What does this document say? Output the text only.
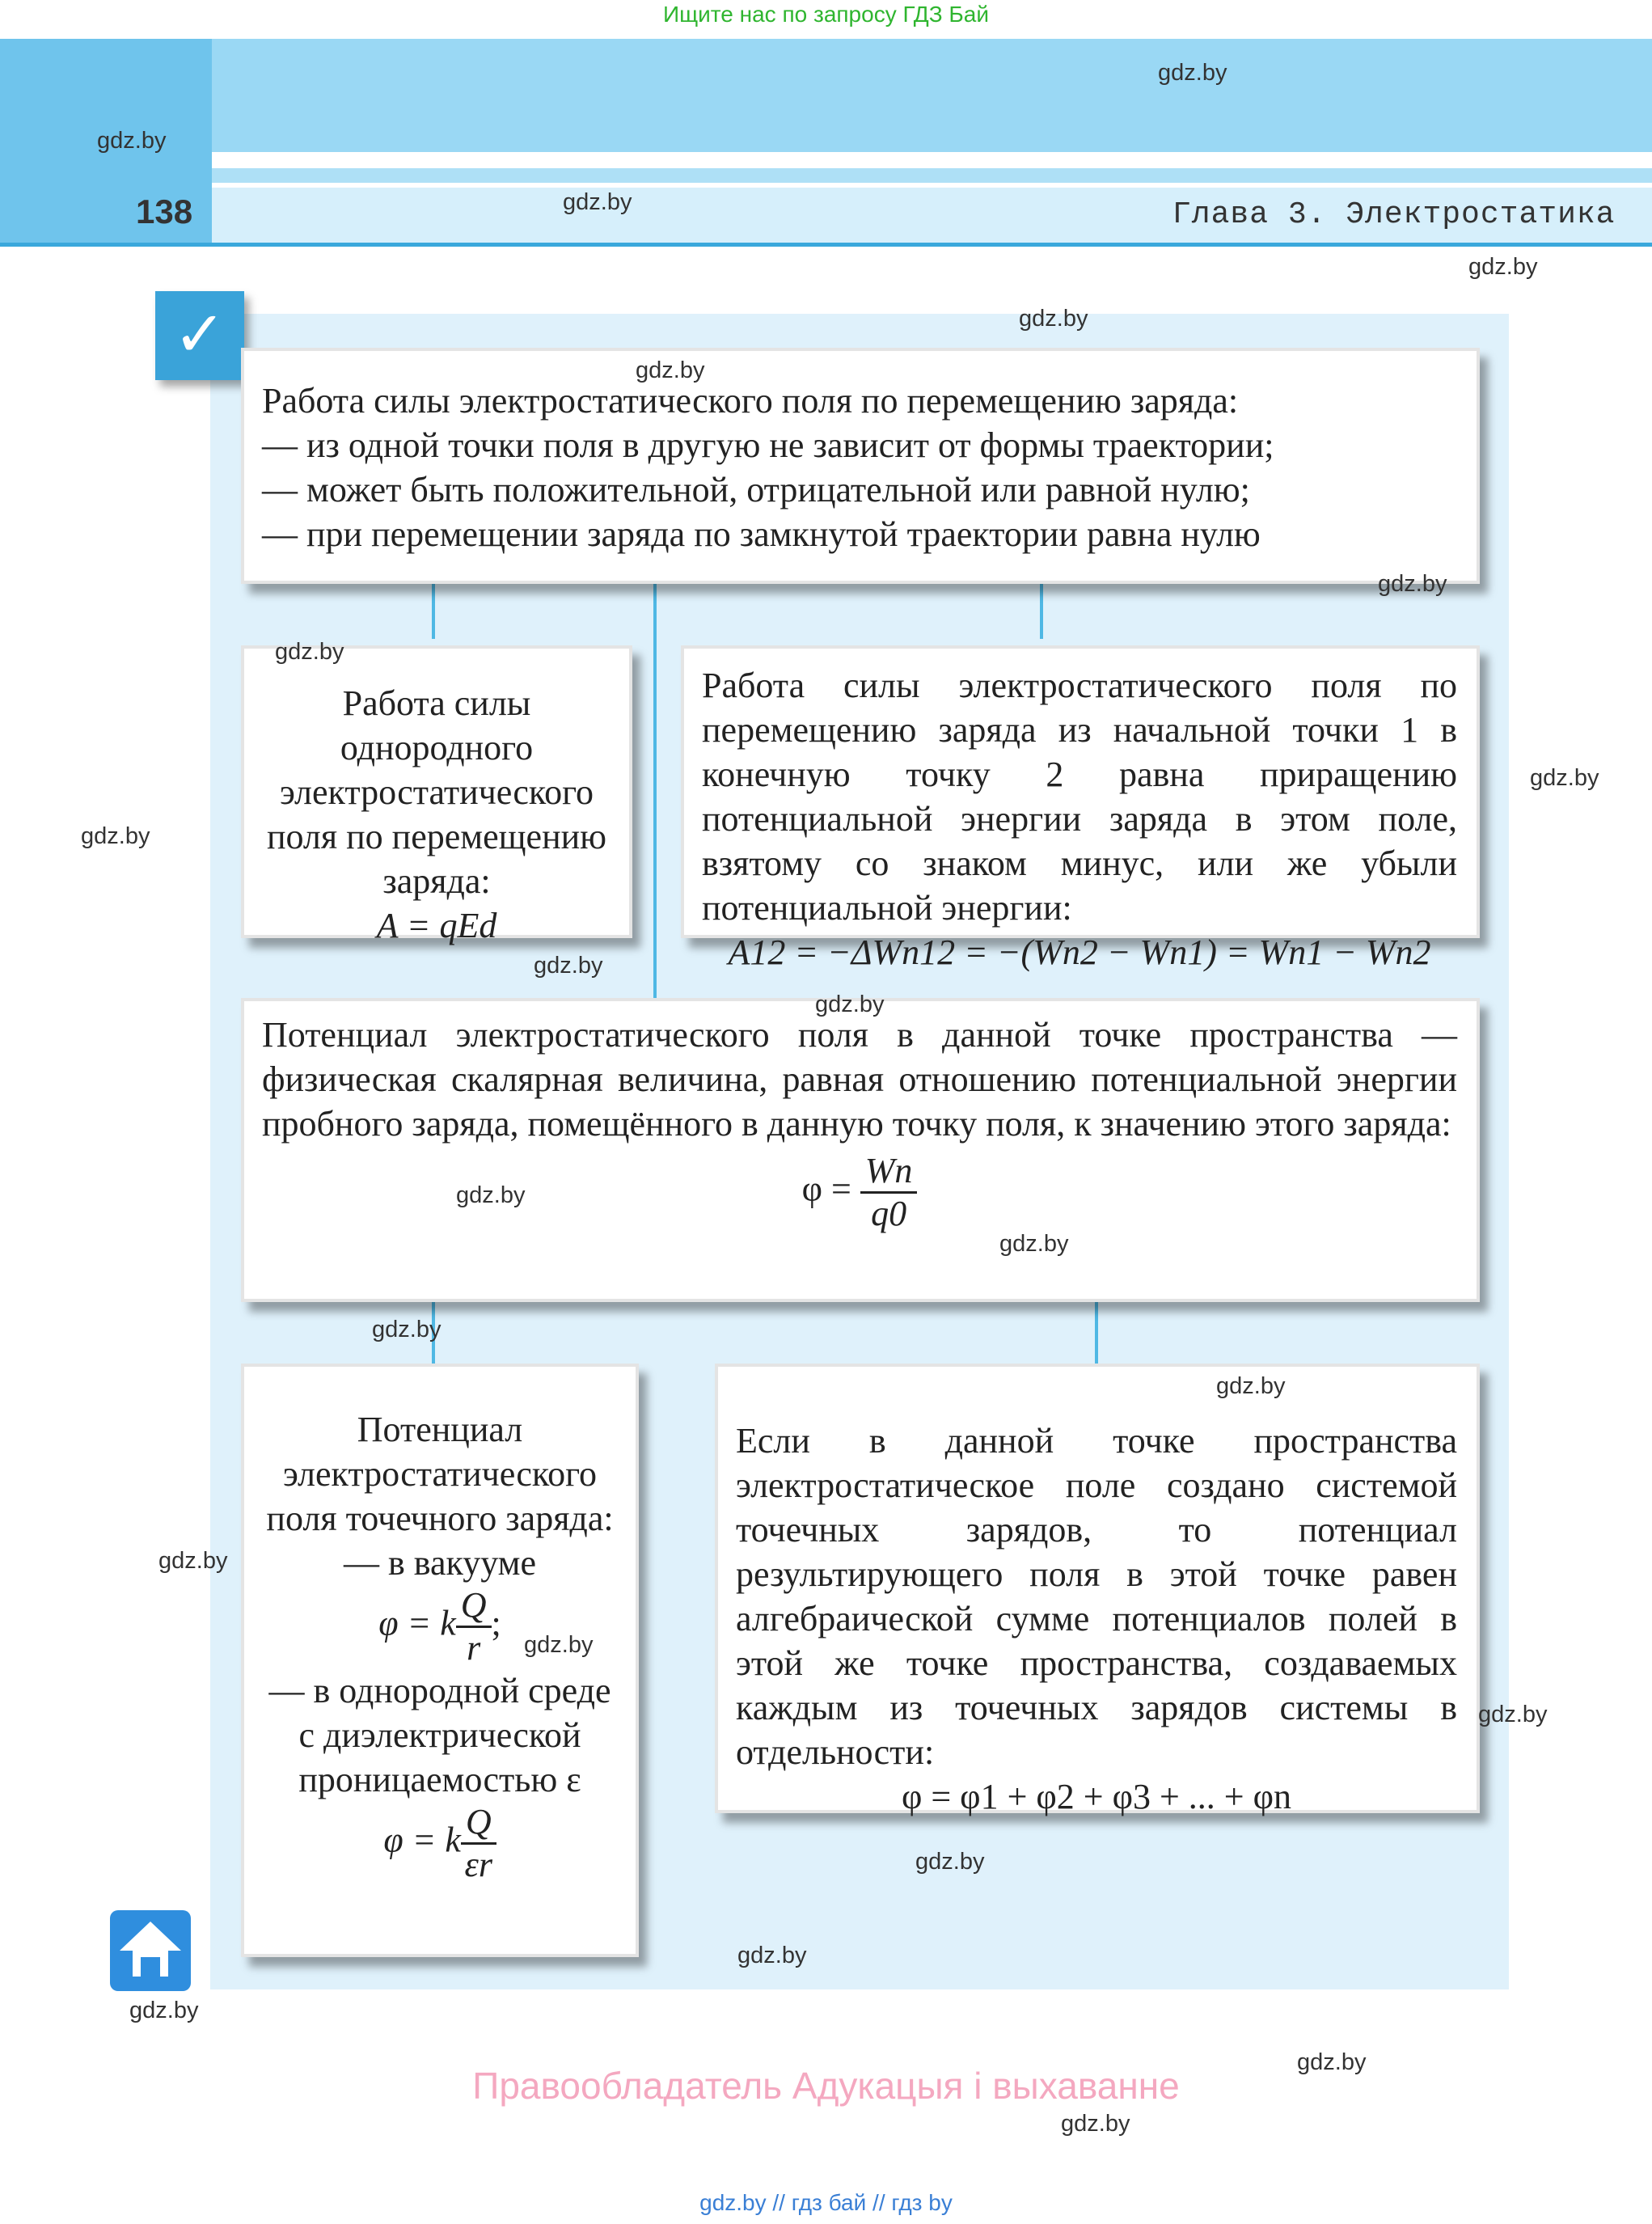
Ищите нас по запросу ГДЗ Бай
138	Глава 3. Электростатика
✓
Работа силы электростатического поля по перемещению заряда:
— из одной точки поля в другую не зависит от формы траектории;
— может быть положительной, отрицательной или равной нулю;
— при перемещении заряда по замкнутой траектории равна нулю
Работа силы однородного электростатического поля по перемещению заряда:
A = qEd
Работа силы электростатического поля по перемещению заряда из начальной точки 1 в конечную точку 2 равна приращению потенциальной энергии заряда в этом поле, взятому со знаком минус, или же убыли потенциальной энергии:
A12 = −ΔWп12 = −(Wп2 − Wп1) = Wп1 − Wп2
Потенциал электростатического поля в данной точке пространства — физическая скалярная величина, равная отношению потенциальной энергии пробного заряда, помещённого в данную точку поля, к значению этого заряда:
$\varphi = \frac{Wп}{q0}$
Потенциал электростатического поля точечного заряда:
— в вакууме
φ = k $\frac{Q}{r}$ ;
— в однородной среде с диэлектрической проницаемостью ε
φ = k $\frac{Q}{\varepsilon r}$
Если в данной точке пространства электростатическое поле создано системой точечных зарядов, то потенциал результирующего поля в этой точке равен алгебраической сумме потенциалов полей в этой же точке пространства, создаваемых каждым из точечных зарядов системы в отдельности:
φ = φ1 + φ2 + φ3 + ... + φn
gdz.by
gdz.by
gdz.by
gdz.by
gdz.by
gdz.by
gdz.by
gdz.by
gdz.by
gdz.by
gdz.by
gdz.by
gdz.by
gdz.by
gdz.by
gdz.by
gdz.by
gdz.by
gdz.by
gdz.by
gdz.by
gdz.by
gdz.by
gdz.by
Правообладатель Адукацыя і выхаванне
gdz.by // гдз бай // гдз by
